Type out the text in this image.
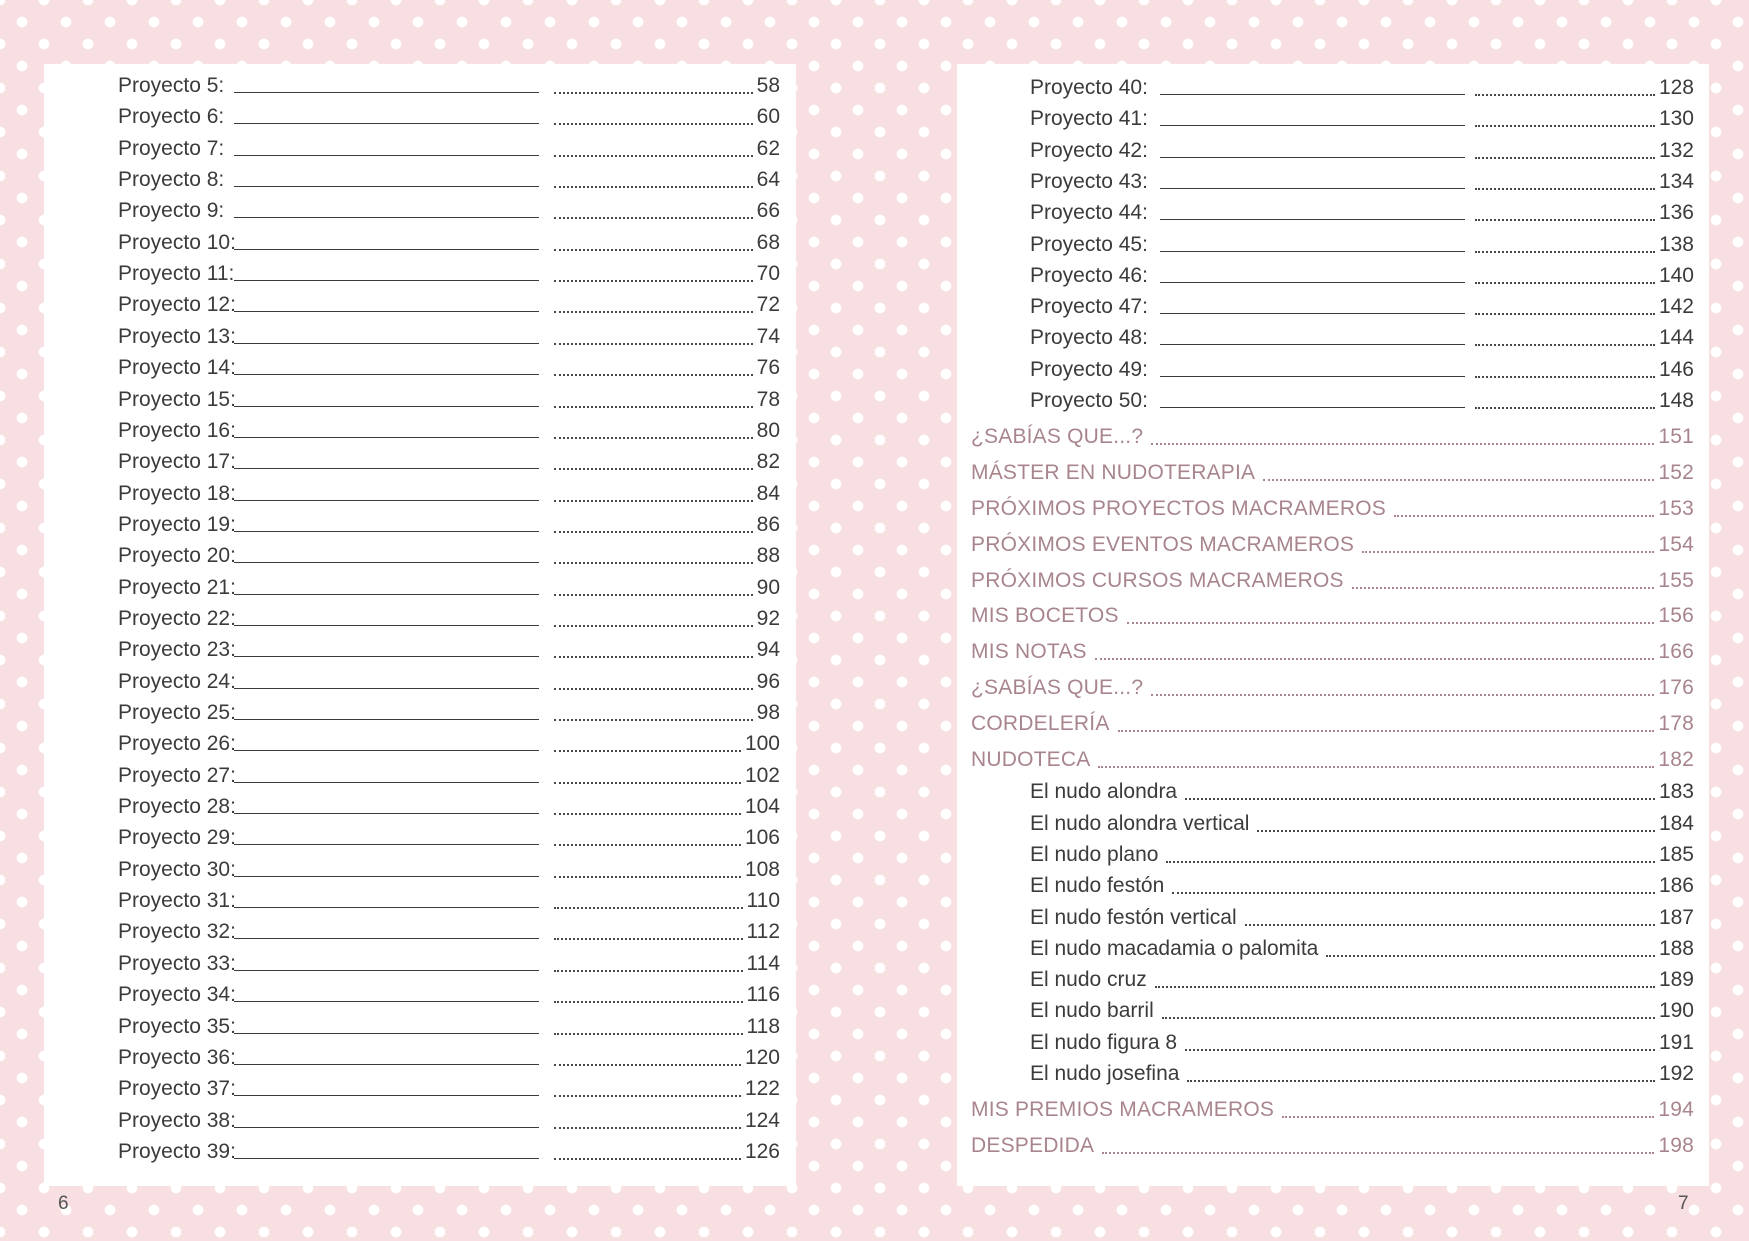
Proyecto 5:	58
Proyecto 6:	60
Proyecto 7:	62
Proyecto 8:	64
Proyecto 9:	66
Proyecto 10:	68
Proyecto 11:	70
Proyecto 12:	72
Proyecto 13:	74
Proyecto 14:	76
Proyecto 15:	78
Proyecto 16:	80
Proyecto 17:	82
Proyecto 18:	84
Proyecto 19:	86
Proyecto 20:	88
Proyecto 21:	90
Proyecto 22:	92
Proyecto 23:	94
Proyecto 24:	96
Proyecto 25:	98
Proyecto 26:	100
Proyecto 27:	102
Proyecto 28:	104
Proyecto 29:	106
Proyecto 30:	108
Proyecto 31:	110
Proyecto 32:	112
Proyecto 33:	114
Proyecto 34:	116
Proyecto 35:	118
Proyecto 36:	120
Proyecto 37:	122
Proyecto 38:	124
Proyecto 39:	126
Proyecto 40:	128
Proyecto 41:	130
Proyecto 42:	132
Proyecto 43:	134
Proyecto 44:	136
Proyecto 45:	138
Proyecto 46:	140
Proyecto 47:	142
Proyecto 48:	144
Proyecto 49:	146
Proyecto 50:	148
¿SABÍAS QUE...?	151
MÁSTER EN NUDOTERAPIA	152
PRÓXIMOS PROYECTOS MACRAMEROS	153
PRÓXIMOS EVENTOS MACRAMEROS	154
PRÓXIMOS CURSOS MACRAMEROS	155
MIS BOCETOS	156
MIS NOTAS	166
¿SABÍAS QUE...?	176
CORDELERÍA	178
NUDOTECA	182
El nudo alondra	183
El nudo alondra vertical	184
El nudo plano	185
El nudo festón	186
El nudo festón vertical	187
El nudo macadamia o palomita	188
El nudo cruz	189
El nudo barril	190
El nudo figura 8	191
El nudo josefina	192
MIS PREMIOS MACRAMEROS	194
DESPEDIDA	198
6	7
